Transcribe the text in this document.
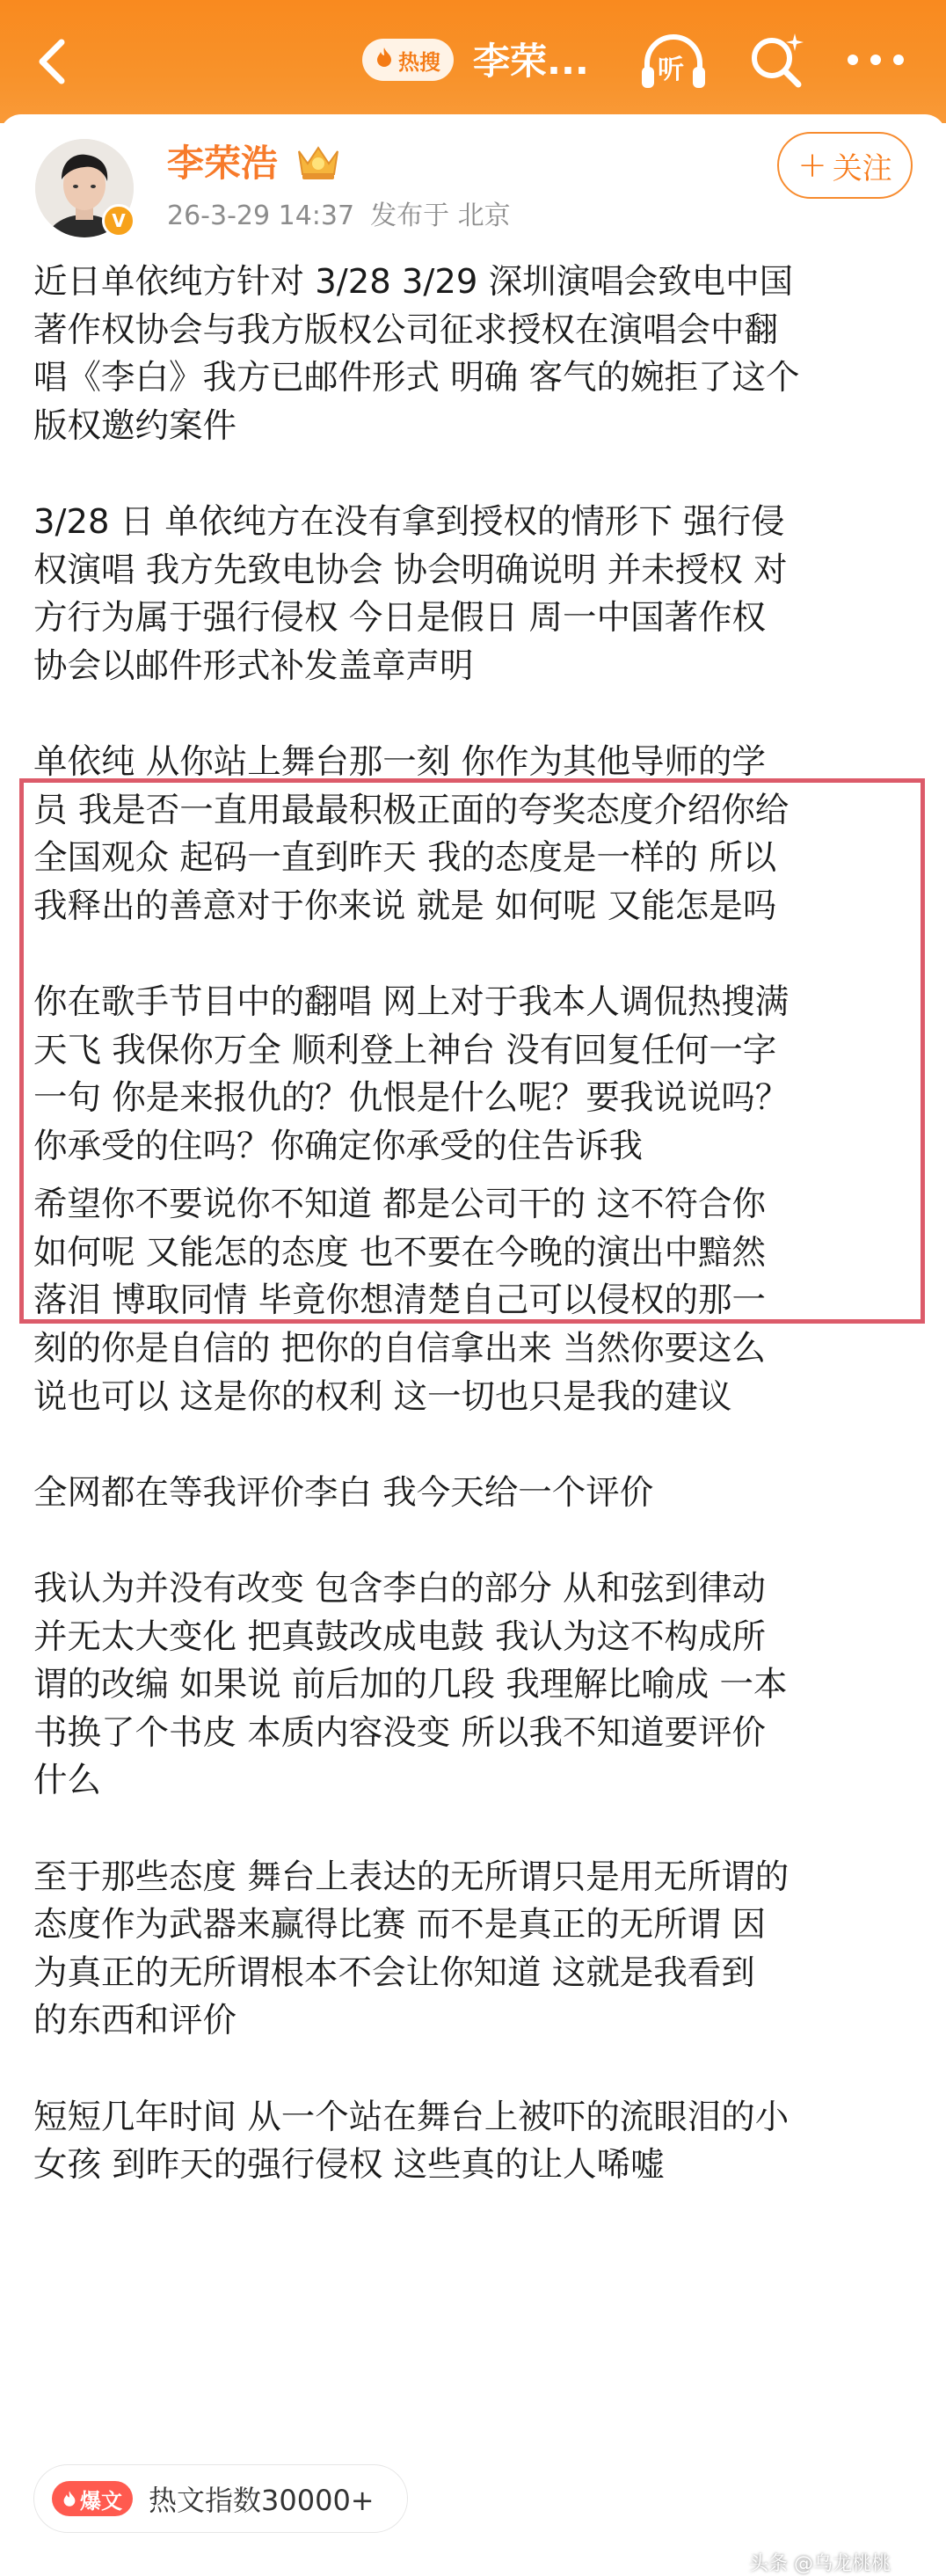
热搜 李荣...	听
V
李荣浩
26-3-29 14:37 发布于 北京
+ 关注

近日单依纯方针对 3/28 3/29 深圳演唱会致电中国
著作权协会与我方版权公司征求授权在演唱会中翻
唱《李白》我方已邮件形式 明确 客气的婉拒了这个
版权邀约案件

3/28 日 单依纯方在没有拿到授权的情形下 强行侵
权演唱 我方先致电协会 协会明确说明 并未授权 对
方行为属于强行侵权 今日是假日 周一中国著作权
协会以邮件形式补发盖章声明

单依纯 从你站上舞台那一刻 你作为其他导师的学
员 我是否一直用最最积极正面的夸奖态度介绍你给
全国观众 起码一直到昨天 我的态度是一样的 所以
我释出的善意对于你来说 就是 如何呢 又能怎是吗

你在歌手节目中的翻唱 网上对于我本人调侃热搜满
天飞 我保你万全 顺利登上神台 没有回复任何一字
一句 你是来报仇的？仇恨是什么呢？要我说说吗？
你承受的住吗？你确定你承受的住告诉我

希望你不要说你不知道 都是公司干的 这不符合你
如何呢 又能怎的态度 也不要在今晚的演出中黯然
落泪 博取同情 毕竟你想清楚自己可以侵权的那一
刻的你是自信的 把你的自信拿出来 当然你要这么
说也可以 这是你的权利 这一切也只是我的建议

全网都在等我评价李白 我今天给一个评价

我认为并没有改变 包含李白的部分 从和弦到律动
并无太大变化 把真鼓改成电鼓 我认为这不构成所
谓的改编 如果说 前后加的几段 我理解比喻成 一本
书换了个书皮 本质内容没变 所以我不知道要评价
什么

至于那些态度 舞台上表达的无所谓只是用无所谓的
态度作为武器来赢得比赛 而不是真正的无所谓 因
为真正的无所谓根本不会让你知道 这就是我看到
的东西和评价

短短几年时间 从一个站在舞台上被吓的流眼泪的小
女孩 到昨天的强行侵权 这些真的让人唏嘘

爆文 热文指数30000+
头条 @乌龙桃桃
